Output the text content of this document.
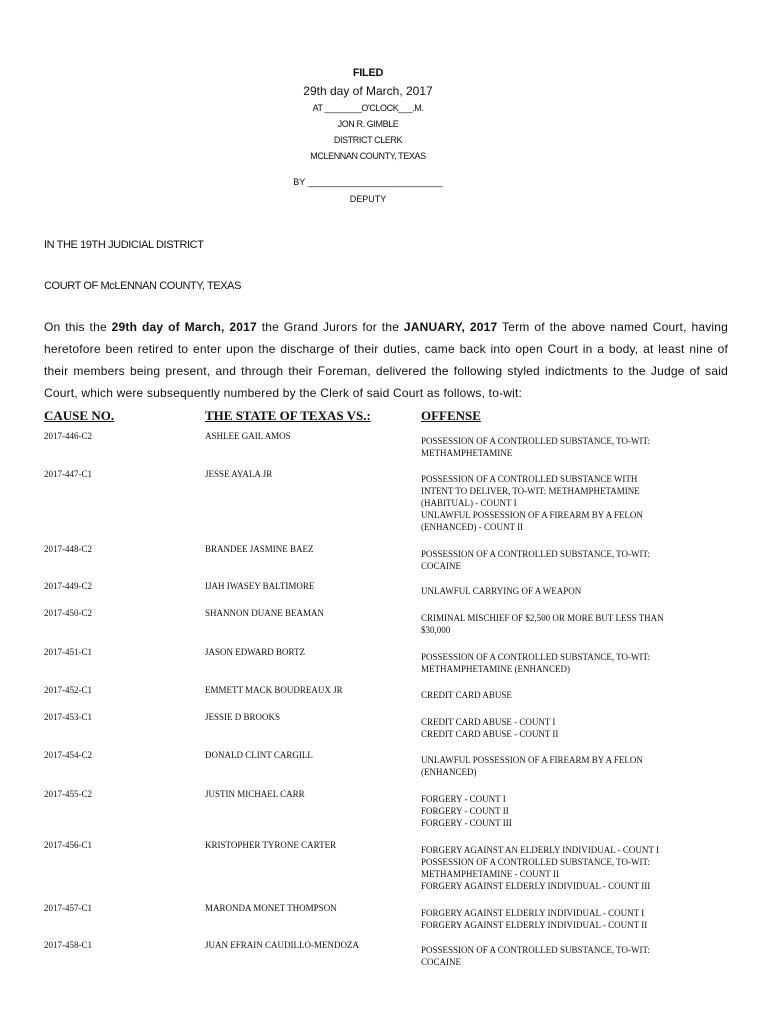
FILED
29th day of March, 2017
AT ________O'CLOCK___.M.
JON R. GIMBLE
DISTRICT CLERK
MCLENNAN COUNTY, TEXAS
BY ___________________________
DEPUTY
IN THE 19TH JUDICIAL DISTRICT
COURT OF McLENNAN COUNTY, TEXAS
On this the 29th day of March, 2017 the Grand Jurors for the JANUARY, 2017 Term of the above named Court, having heretofore been retired to enter upon the discharge of their duties, came back into open Court in a body, at least nine of their members being present, and through their Foreman, delivered the following styled indictments to the Judge of said Court, which were subsequently numbered by the Clerk of said Court as follows, to-wit:
CAUSE NO.	THE STATE OF TEXAS VS.:	OFFENSE
2017-446-C2	ASHLEE GAIL AMOS	POSSESSION OF A CONTROLLED SUBSTANCE, TO-WIT:
METHAMPHETAMINE
2017-447-C1	JESSE AYALA JR	POSSESSION OF A CONTROLLED SUBSTANCE WITH
INTENT TO DELIVER, TO-WIT: METHAMPHETAMINE
(HABITUAL) - COUNT I
UNLAWFUL POSSESSION OF A FIREARM BY A FELON
(ENHANCED) - COUNT II
2017-448-C2	BRANDEE JASMINE BAEZ	POSSESSION OF A CONTROLLED SUBSTANCE, TO-WIT:
COCAINE
2017-449-C2	IJAH IWASEY BALTIMORE	UNLAWFUL CARRYING OF A WEAPON
2017-450-C2	SHANNON DUANE BEAMAN	CRIMINAL MISCHIEF OF $2,500 OR MORE BUT LESS THAN
$30,000
2017-451-C1	JASON EDWARD BORTZ	POSSESSION OF A CONTROLLED SUBSTANCE, TO-WIT:
METHAMPHETAMINE (ENHANCED)
2017-452-C1	EMMETT MACK BOUDREAUX JR	CREDIT CARD ABUSE
2017-453-C1	JESSIE D BROOKS	CREDIT CARD ABUSE - COUNT I
CREDIT CARD ABUSE - COUNT II
2017-454-C2	DONALD CLINT CARGILL	UNLAWFUL POSSESSION OF A FIREARM BY A FELON
(ENHANCED)
2017-455-C2	JUSTIN MICHAEL CARR	FORGERY - COUNT I
FORGERY - COUNT II
FORGERY - COUNT III
2017-456-C1	KRISTOPHER TYRONE CARTER	FORGERY AGAINST AN ELDERLY INDIVIDUAL - COUNT I
POSSESSION OF A CONTROLLED SUBSTANCE, TO-WIT:
METHAMPHETAMINE - COUNT II
FORGERY AGAINST ELDERLY INDIVIDUAL - COUNT III
2017-457-C1	MARONDA MONET THOMPSON	FORGERY AGAINST ELDERLY INDIVIDUAL - COUNT I
FORGERY AGAINST ELDERLY INDIVIDUAL - COUNT II
2017-458-C1	JUAN EFRAIN CAUDILLO-MENDOZA	POSSESSION OF A CONTROLLED SUBSTANCE, TO-WIT:
COCAINE
